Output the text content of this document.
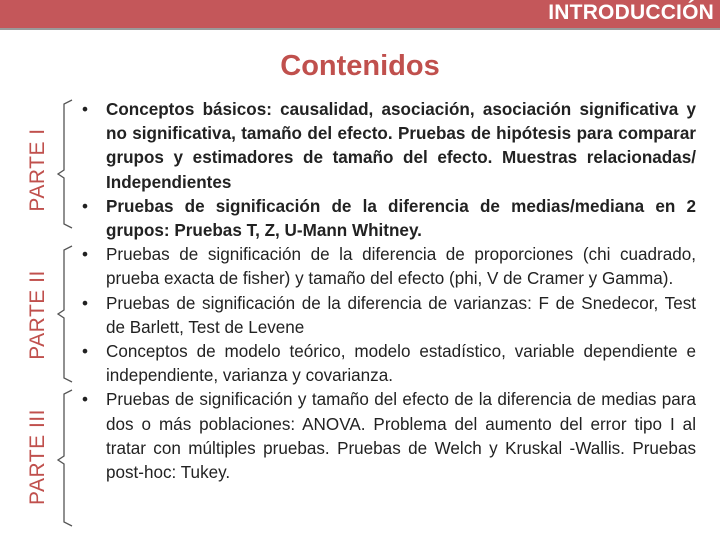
INTRODUCCIÓN
Contenidos
PARTE I
PARTE II
PARTE III
• Conceptos básicos: causalidad, asociación, asociación significativa y no significativa, tamaño del efecto. Pruebas de hipótesis para comparar grupos y estimadores de tamaño del efecto. Muestras relacionadas/ Independientes
• Pruebas de significación de la diferencia de medias/mediana en 2 grupos: Pruebas T, Z, U-Mann Whitney.
• Pruebas de significación de la diferencia de proporciones (chi cuadrado, prueba exacta de fisher) y tamaño del efecto (phi, V de Cramer y Gamma).
• Pruebas de significación de la diferencia de varianzas: F de Snedecor, Test de Barlett, Test de Levene
• Conceptos de modelo teórico, modelo estadístico, variable dependiente e independiente, varianza y covarianza.
• Pruebas de significación y tamaño del efecto de la diferencia de medias para dos o más poblaciones: ANOVA. Problema del aumento del error tipo I al tratar con múltiples pruebas. Pruebas de Welch y Kruskal -Wallis. Pruebas post-hoc: Tukey.
